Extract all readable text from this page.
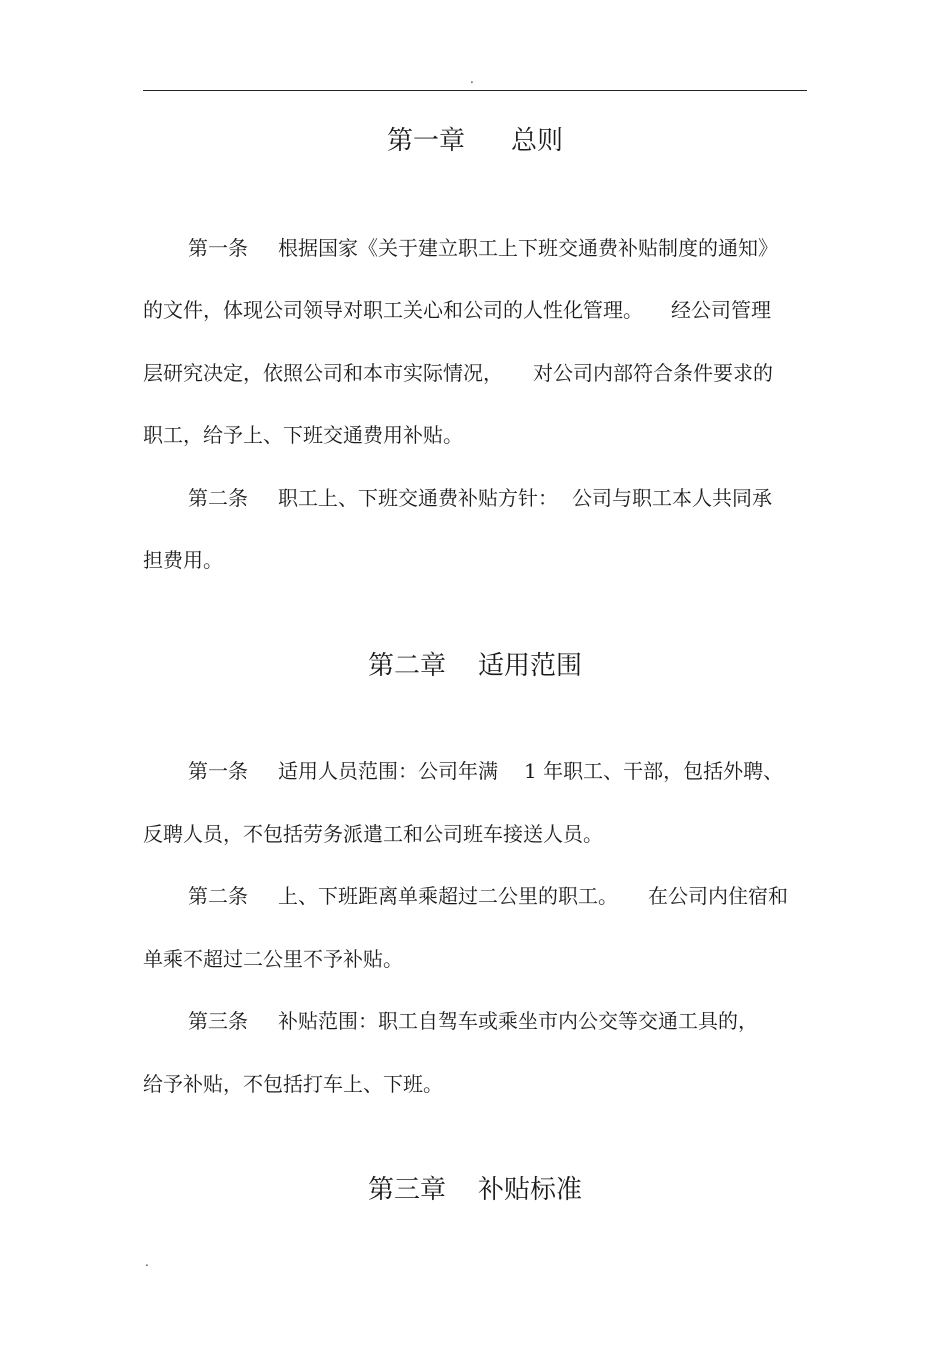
.
第一章 总则
第一条 根据国家《关于建立职工上下班交通费补贴制度的通知》
的文件，体现公司领导对职工关心和公司的人性化管理。 经公司管理
层研究决定，依照公司和本市实际情况， 对公司内部符合条件要求的
职工，给予上、下班交通费用补贴。
第二条 职工上、下班交通费补贴方针： 公司与职工本人共同承
担费用。
第二章 适用范围
第一条 适用人员范围：公司年满 1 年职工、干部，包括外聘、
反聘人员，不包括劳务派遣工和公司班车接送人员。
第二条 上、下班距离单乘超过二公里的职工。 在公司内住宿和
单乘不超过二公里不予补贴。
第三条 补贴范围：职工自驾车或乘坐市内公交等交通工具的，
给予补贴，不包括打车上、下班。
第三章 补贴标准
.
